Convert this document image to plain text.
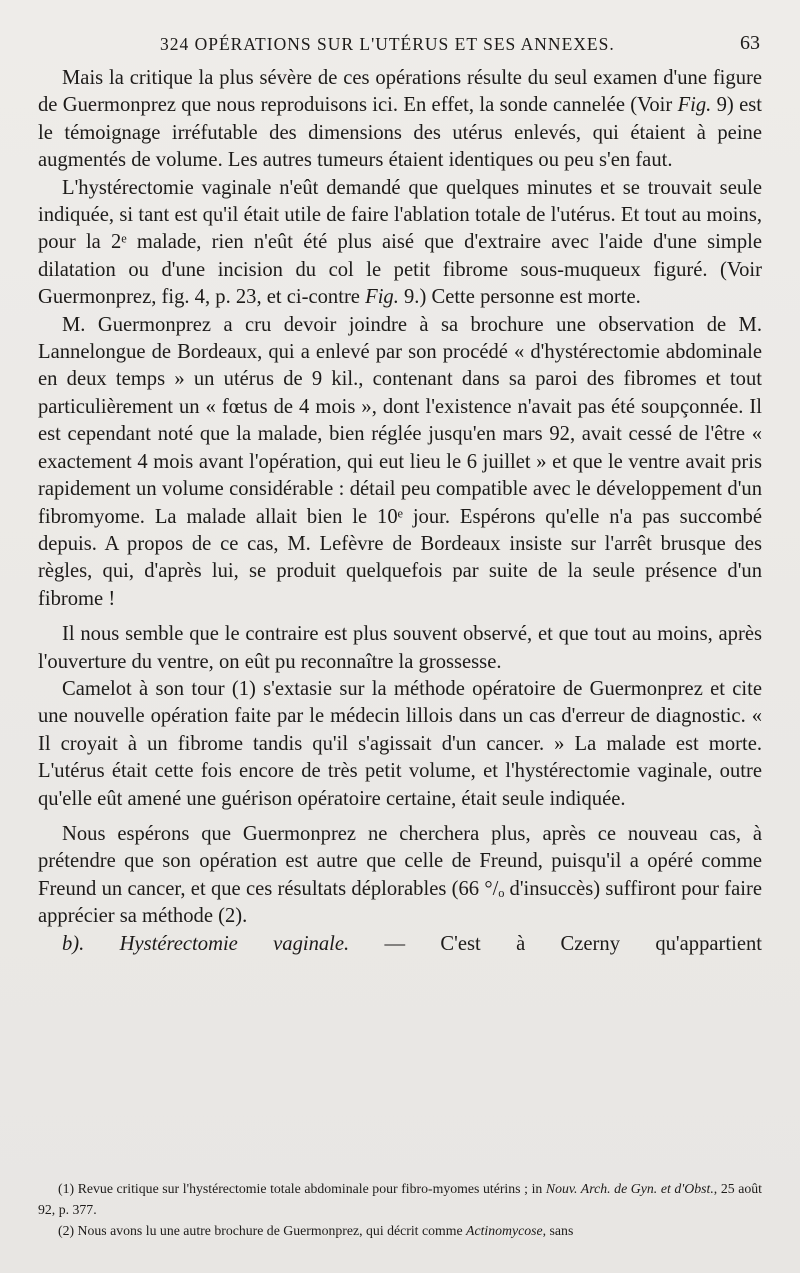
324 OPÉRATIONS SUR L'UTÉRUS ET SES ANNEXES.	63

Mais la critique la plus sévère de ces opérations résulte du seul examen d'une figure de Guermonprez que nous reproduisons ici. En effet, la sonde cannelée (Voir Fig. 9) est le témoignage irréfutable des dimensions des utérus enlevés, qui étaient à peine augmentés de volume. Les autres tumeurs étaient identiques ou peu s'en faut.

L'hystérectomie vaginale n'eût demandé que quelques minutes et se trouvait seule indiquée, si tant est qu'il était utile de faire l'ablation totale de l'utérus. Et tout au moins, pour la 2ᵉ malade, rien n'eût été plus aisé que d'extraire avec l'aide d'une simple dilatation ou d'une incision du col le petit fibrome sous-muqueux figuré. (Voir Guermonprez, fig. 4, p. 23, et ci-contre Fig. 9.) Cette personne est morte.

M. Guermonprez a cru devoir joindre à sa brochure une observation de M. Lannelongue de Bordeaux, qui a enlevé par son procédé « d'hystérectomie abdominale en deux temps » un utérus de 9 kil., contenant dans sa paroi des fibromes et tout particulièrement un « fœtus de 4 mois », dont l'existence n'avait pas été soupçonnée. Il est cependant noté que la malade, bien réglée jusqu'en mars 92, avait cessé de l'être « exactement 4 mois avant l'opération, qui eut lieu le 6 juillet » et que le ventre avait pris rapidement un volume considérable : détail peu compatible avec le développement d'un fibromyome. La malade allait bien le 10ᵉ jour. Espérons qu'elle n'a pas succombé depuis. A propos de ce cas, M. Lefèvre de Bordeaux insiste sur l'arrêt brusque des règles, qui, d'après lui, se produit quelquefois par suite de la seule présence d'un fibrome !

Il nous semble que le contraire est plus souvent observé, et que tout au moins, après l'ouverture du ventre, on eût pu reconnaître la grossesse.

Camelot à son tour (1) s'extasie sur la méthode opératoire de Guermonprez et cite une nouvelle opération faite par le médecin lillois dans un cas d'erreur de diagnostic. « Il croyait à un fibrome tandis qu'il s'agissait d'un cancer. » La malade est morte. L'utérus était cette fois encore de très petit volume, et l'hystérectomie vaginale, outre qu'elle eût amené une guérison opératoire certaine, était seule indiquée.

Nous espérons que Guermonprez ne cherchera plus, après ce nouveau cas, à prétendre que son opération est autre que celle de Freund, puisqu'il a opéré comme Freund un cancer, et que ces résultats déplorables (66 °/ₒ d'insuccès) suffiront pour faire apprécier sa méthode (2).

b). Hystérectomie vaginale. — C'est à Czerny qu'appartient

(1) Revue critique sur l'hystérectomie totale abdominale pour fibro-myomes utérins ; in Nouv. Arch. de Gyn. et d'Obst., 25 août 92, p. 377.

(2) Nous avons lu une autre brochure de Guermonprez, qui décrit comme Actinomycose, sans
